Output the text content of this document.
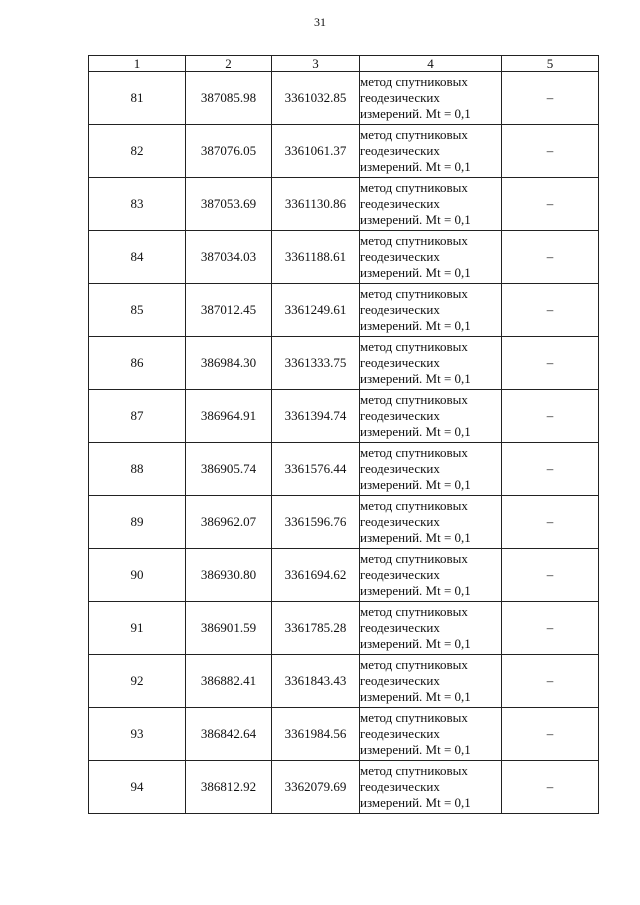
31
1	2	3	4	5
81	387085.98	3361032.85	метод спутниковых
геодезических
измерений. Mt = 0,1	–
82	387076.05	3361061.37	метод спутниковых
геодезических
измерений. Mt = 0,1	–
83	387053.69	3361130.86	метод спутниковых
геодезических
измерений. Mt = 0,1	–
84	387034.03	3361188.61	метод спутниковых
геодезических
измерений. Mt = 0,1	–
85	387012.45	3361249.61	метод спутниковых
геодезических
измерений. Mt = 0,1	–
86	386984.30	3361333.75	метод спутниковых
геодезических
измерений. Mt = 0,1	–
87	386964.91	3361394.74	метод спутниковых
геодезических
измерений. Mt = 0,1	–
88	386905.74	3361576.44	метод спутниковых
геодезических
измерений. Mt = 0,1	–
89	386962.07	3361596.76	метод спутниковых
геодезических
измерений. Mt = 0,1	–
90	386930.80	3361694.62	метод спутниковых
геодезических
измерений. Mt = 0,1	–
91	386901.59	3361785.28	метод спутниковых
геодезических
измерений. Mt = 0,1	–
92	386882.41	3361843.43	метод спутниковых
геодезических
измерений. Mt = 0,1	–
93	386842.64	3361984.56	метод спутниковых
геодезических
измерений. Mt = 0,1	–
94	386812.92	3362079.69	метод спутниковых
геодезических
измерений. Mt = 0,1	–
